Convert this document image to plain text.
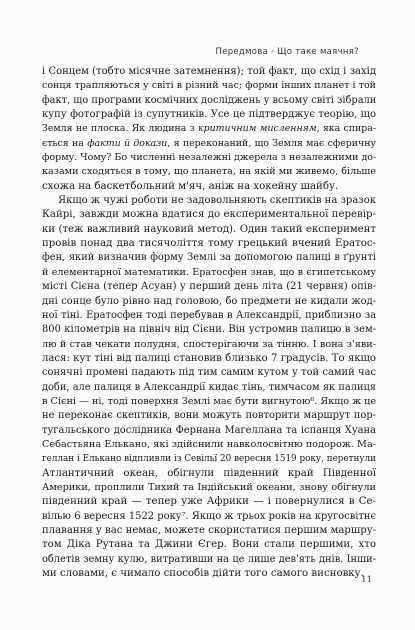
Передмова · Що таке маячня?
і Сонцем (тобто місячне затемнення); той факт, що схід і захід
сонця трапляються у світі в різний час; форми інших планет і той
факт, що програми космічних досліджень у всьому світі зібрали
купу фотографій із супутників. Усе це підтверджує теорію, що
Земля не плоска. Як людина з критичним мисленням, яка спира-
ється на факти й докази, я переконаний, що Земля має сферичну
форму. Чому? Бо численні незалежні джерела з незалежними до-
казами сходяться в тому, що планета, на якій ми живемо, більше
схожа на баскетбольний м'яч, аніж на хокейну шайбу.
Якщо ж чужі роботи не задовольняють скептиків на зразок
Кайрі, завжди можна вдатися до експериментальної перевір-
ки (теж важливий науковий метод). Один такий експеримент
провів понад два тисячоліття тому грецький вчений Ератос-
фен, який визначив форму Землі за допомогою палиці в ґрунті
й елементарної математики. Ератосфен знав, що в єгипетському
місті Сієна (тепер Асуан) у перший день літа (21 червня) опів-
дні сонце було рівно над головою, бо предмети не кидали жод-
ної тіні. Ератосфен тоді перебував в Александрії, приблизно за
800 кілометрів на північ від Сієни. Він устромив палицю в зем-
лю й став чекати полудня, спостерігаючи за тінню. І вона з'яви-
лася: кут тіні від палиці становив близько 7 градусів. То якщо
сонячні промені падають під тим самим кутом у той самий час
доби, але палиця в Александрії кидає тінь, тимчасом як палиця
в Сієні — ні, тоді поверхня Землі має бути вигнутою⁶. Якщо ж це
не переконає скептиків, вони можуть повторити маршрут пор-
тугальського дослідника Фернана Магеллана та іспанця Хуана
Себастьяна Елькано, які здійснили навколосвітню подорож. Ма-
геллан і Елькано відпливли із Севільї 20 вересня 1519 року, перетнули
Атлантичний океан, обігнули південний край Південної
Америки, проплили Тихий та Індійський океани, знову обігнули
південний край — тепер уже Африки — і повернулися в Се-
вілью 6 вересня 1522 року⁷. Якщо ж трьох років на кругосвітнє
плавання у вас немає, можете скористатися першим маршру-
том Діка Рутана та Джини Єгер. Вони стали першими, хто
облетів земну кулю, витративши на це лише дев'ять днів. Інши-
ми словами, є чимало способів дійти того самого висновку.
11
